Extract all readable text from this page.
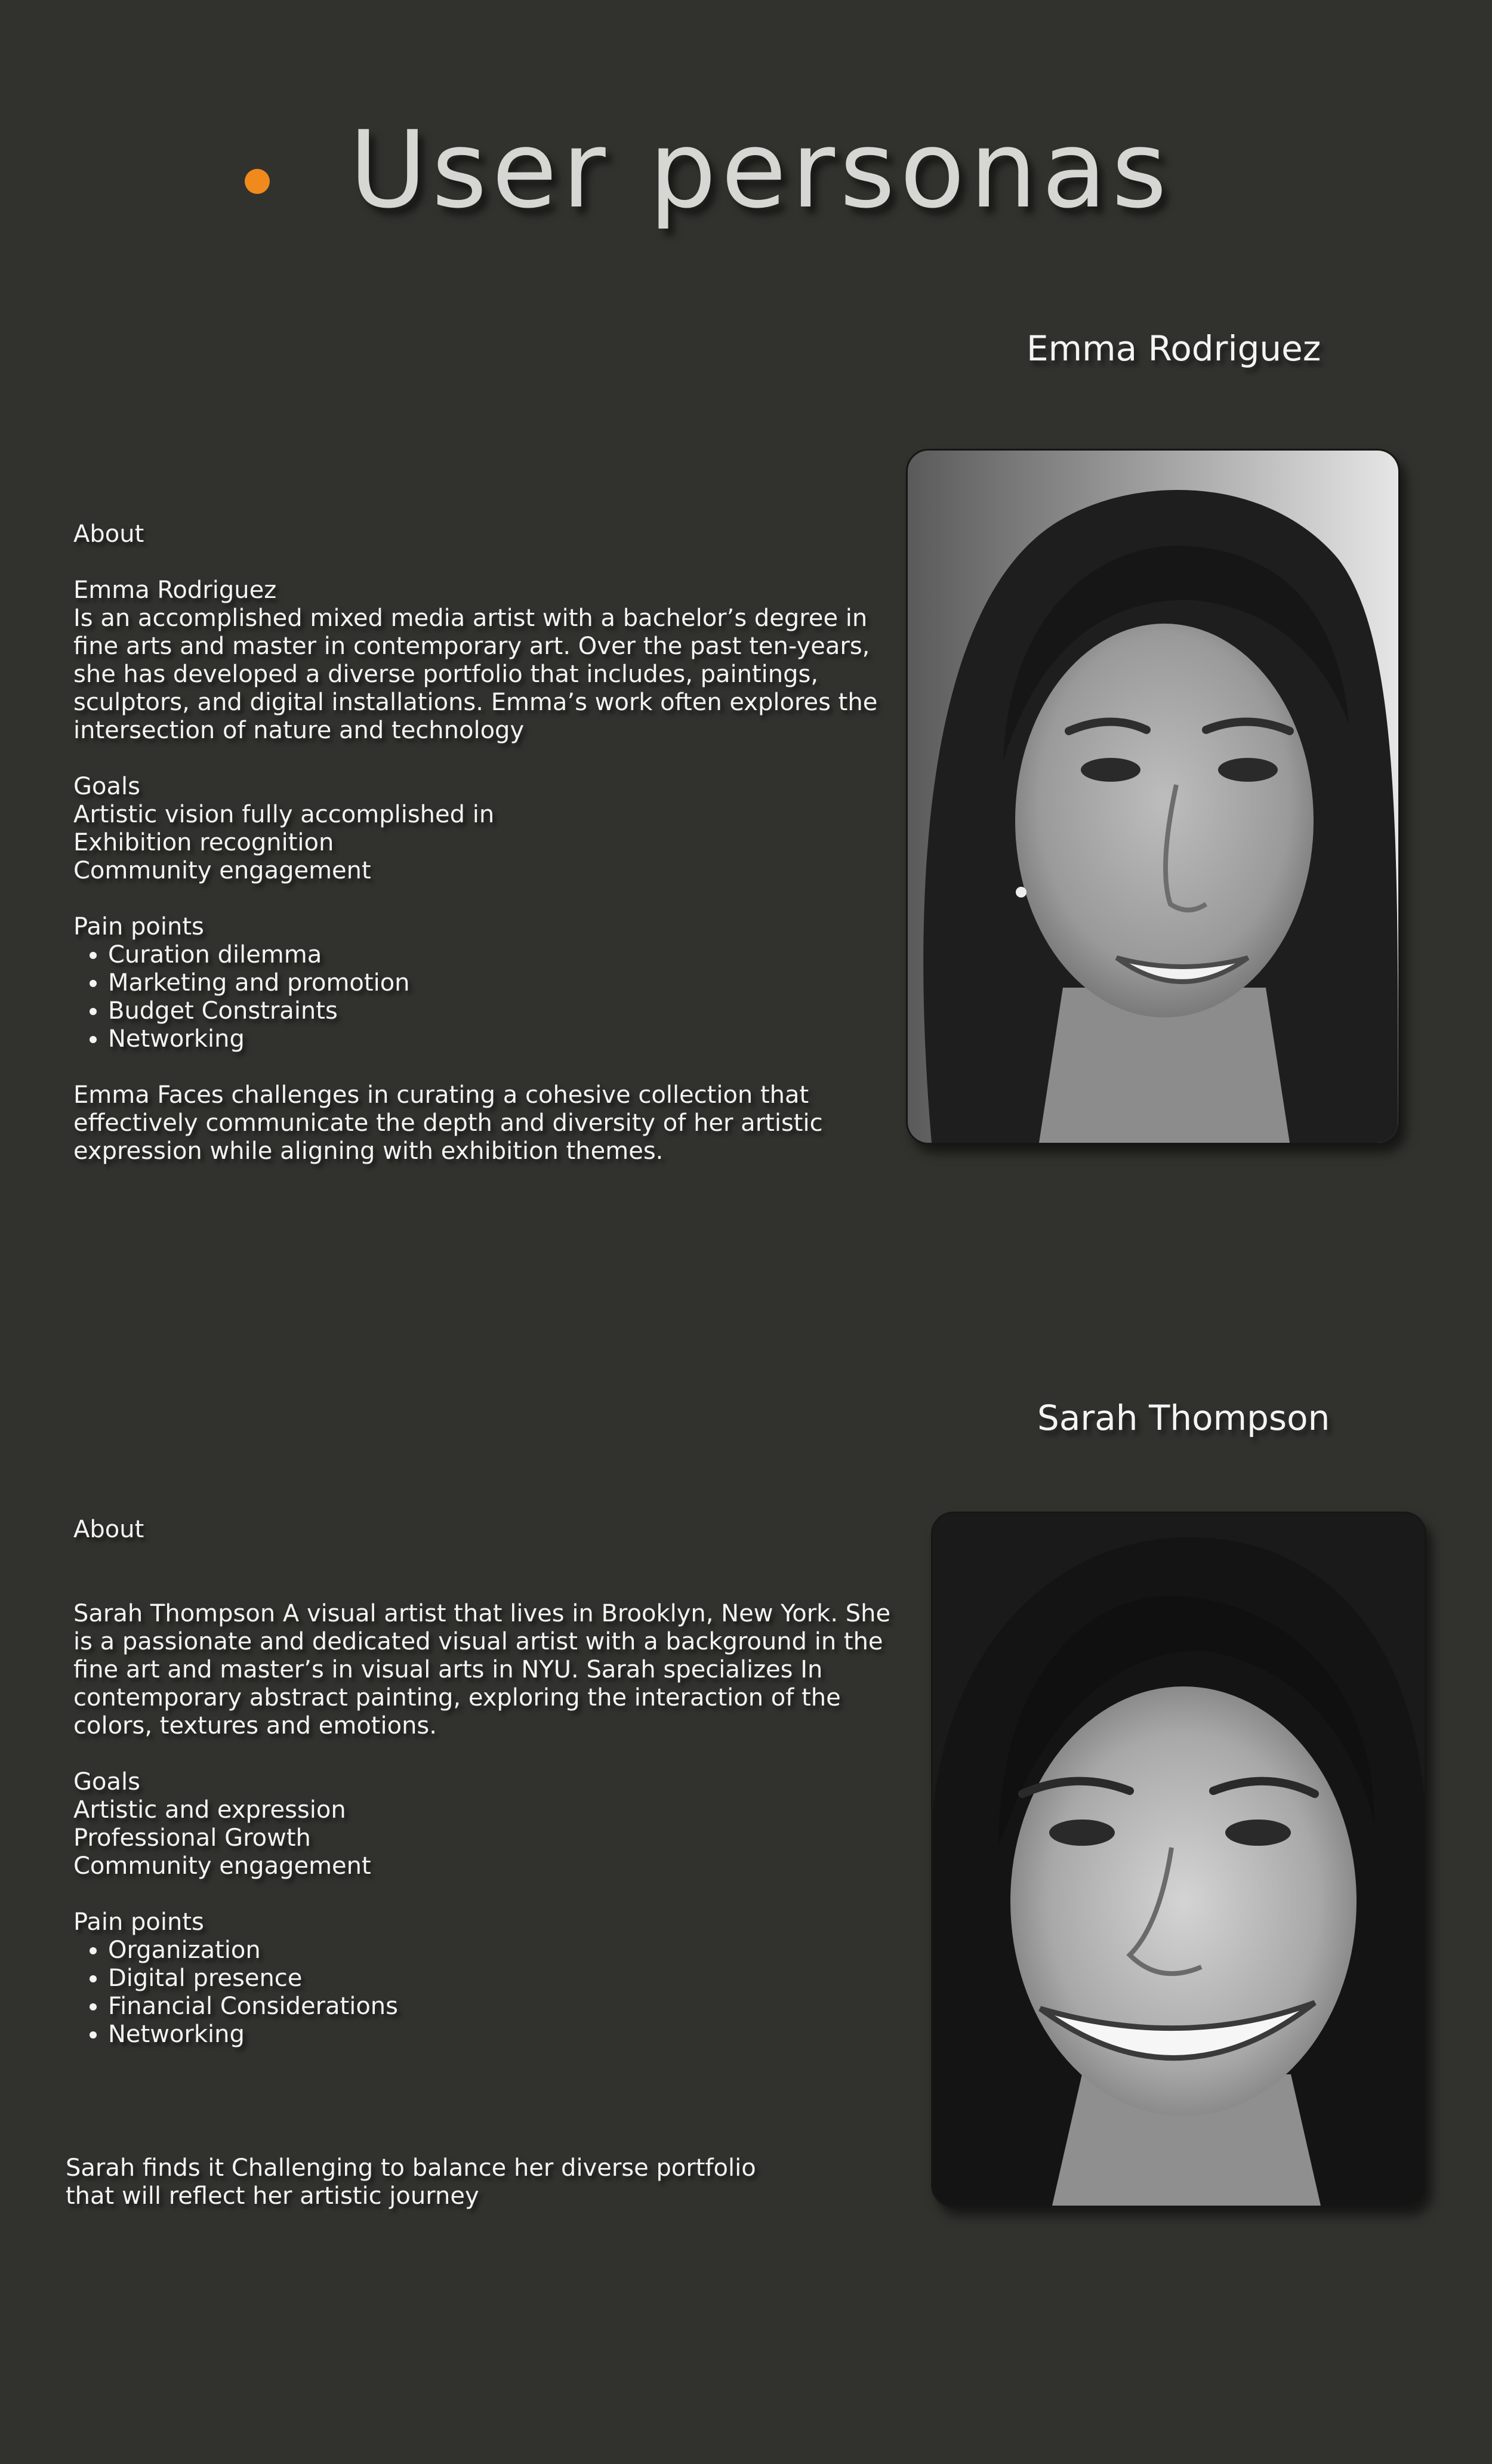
User personas
Emma Rodriguez

About

Emma Rodriguez

Is an accomplished mixed media artist with a bachelor’s degree in

fine arts and master in contemporary art. Over the past ten-years,

she has developed a diverse portfolio that includes, paintings,

sculptors, and digital installations. Emma’s work often explores the

intersection of nature and technology

Goals

Artistic vision fully accomplished in

Exhibition recognition

Community engagement

Pain points

• Curation dilemma
• Marketing and promotion
• Budget Constraints
• Networking

Emma Faces challenges in curating a cohesive collection that

effectively communicate the depth and diversity of her artistic

expression while aligning with exhibition themes.

Sarah Thompson

About

Sarah Thompson A visual artist that lives in Brooklyn, New York. She

is a passionate and dedicated visual artist with a background in the

fine art and master’s in visual arts in NYU. Sarah specializes In

contemporary abstract painting, exploring the interaction of the

colors, textures and emotions.

Goals

Artistic and expression

Professional Growth

Community engagement

Pain points

• Organization
• Digital presence
• Financial Considerations
• Networking

Sarah finds it Challenging to balance her diverse portfolio

that will reflect her artistic journey
